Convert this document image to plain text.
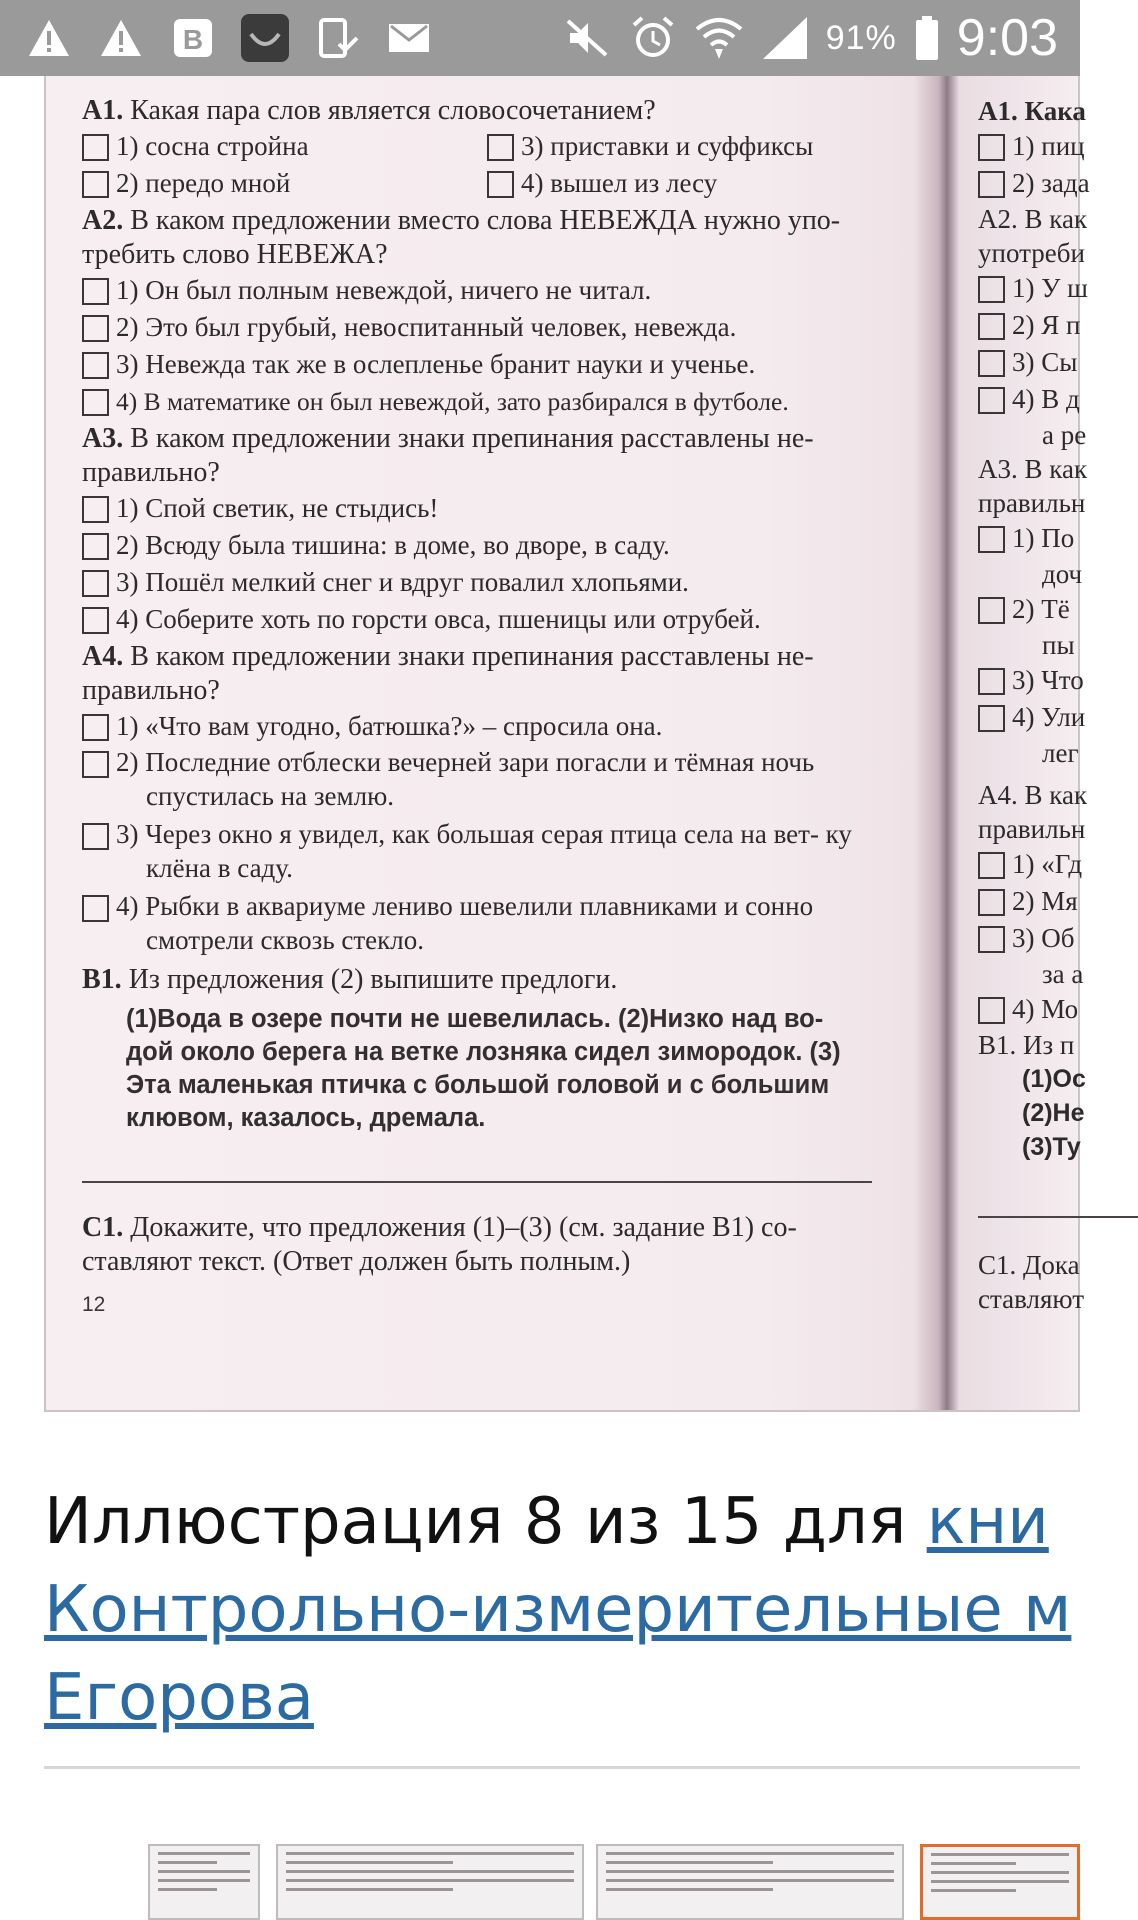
B	91% 9:03
А1. Какая пара слов является словосочетанием?
1) сосна стройна	3) приставки и суффиксы
2) передо мной	4) вышел из лесу
А2. В каком предложении вместо слова НЕВЕЖДА нужно упо-
требить слово НЕВЕЖА?
1) Он был полным невеждой, ничего не читал.
2) Это был грубый, невоспитанный человек, невежда.
3) Невежда так же в ослепленье бранит науки и ученье.
4) В математике он был невеждой, зато разбирался в футболе.
А3. В каком предложении знаки препинания расставлены не-
правильно?
1) Спой светик, не стыдись!
2) Всюду была тишина: в доме, во дворе, в саду.
3) Пошёл мелкий снег и вдруг повалил хлопьями.
4) Соберите хоть по горсти овса, пшеницы или отрубей.
А4. В каком предложении знаки препинания расставлены не-
правильно?
1) «Что вам угодно, батюшка?» – спросила она.
2) Последние отблески вечерней зари погасли и тёмная ночь спустилась на землю.
3) Через окно я увидел, как большая серая птица села на вет- ку клёна в саду.
4) Рыбки в аквариуме лениво шевелили плавниками и сонно смотрели сквозь стекло.
В1. Из предложения (2) выпишите предлоги.
(1)Вода в озере почти не шевелилась. (2)Низко над во-
дой около берега на ветке лозняка сидел зимородок. (3)
Эта маленькая птичка с большой головой и с большим
клювом, казалось, дремала.
С1. Докажите, что предложения (1)–(3) (см. задание В1) со-
ставляют текст. (Ответ должен быть полным.)
12
А1. Кака
1) пиц
2) зада
А2. В как
употреби
1) У ш
2) Я п
3) Сы
4) В д
а ре
А3. В как
правильн
1) По
доч
2) Тё
пы
3) Что
4) Ули
лег
А4. В как
правильн
1) «Гд
2) Мя
3) Об
за а
4) Мо
В1. Из п
(1)Ос
(2)Не
(3)Ту
С1. Дока
ставляют
Иллюстрация 8 из 15 для кни
Контрольно-измерительные м
Егорова
